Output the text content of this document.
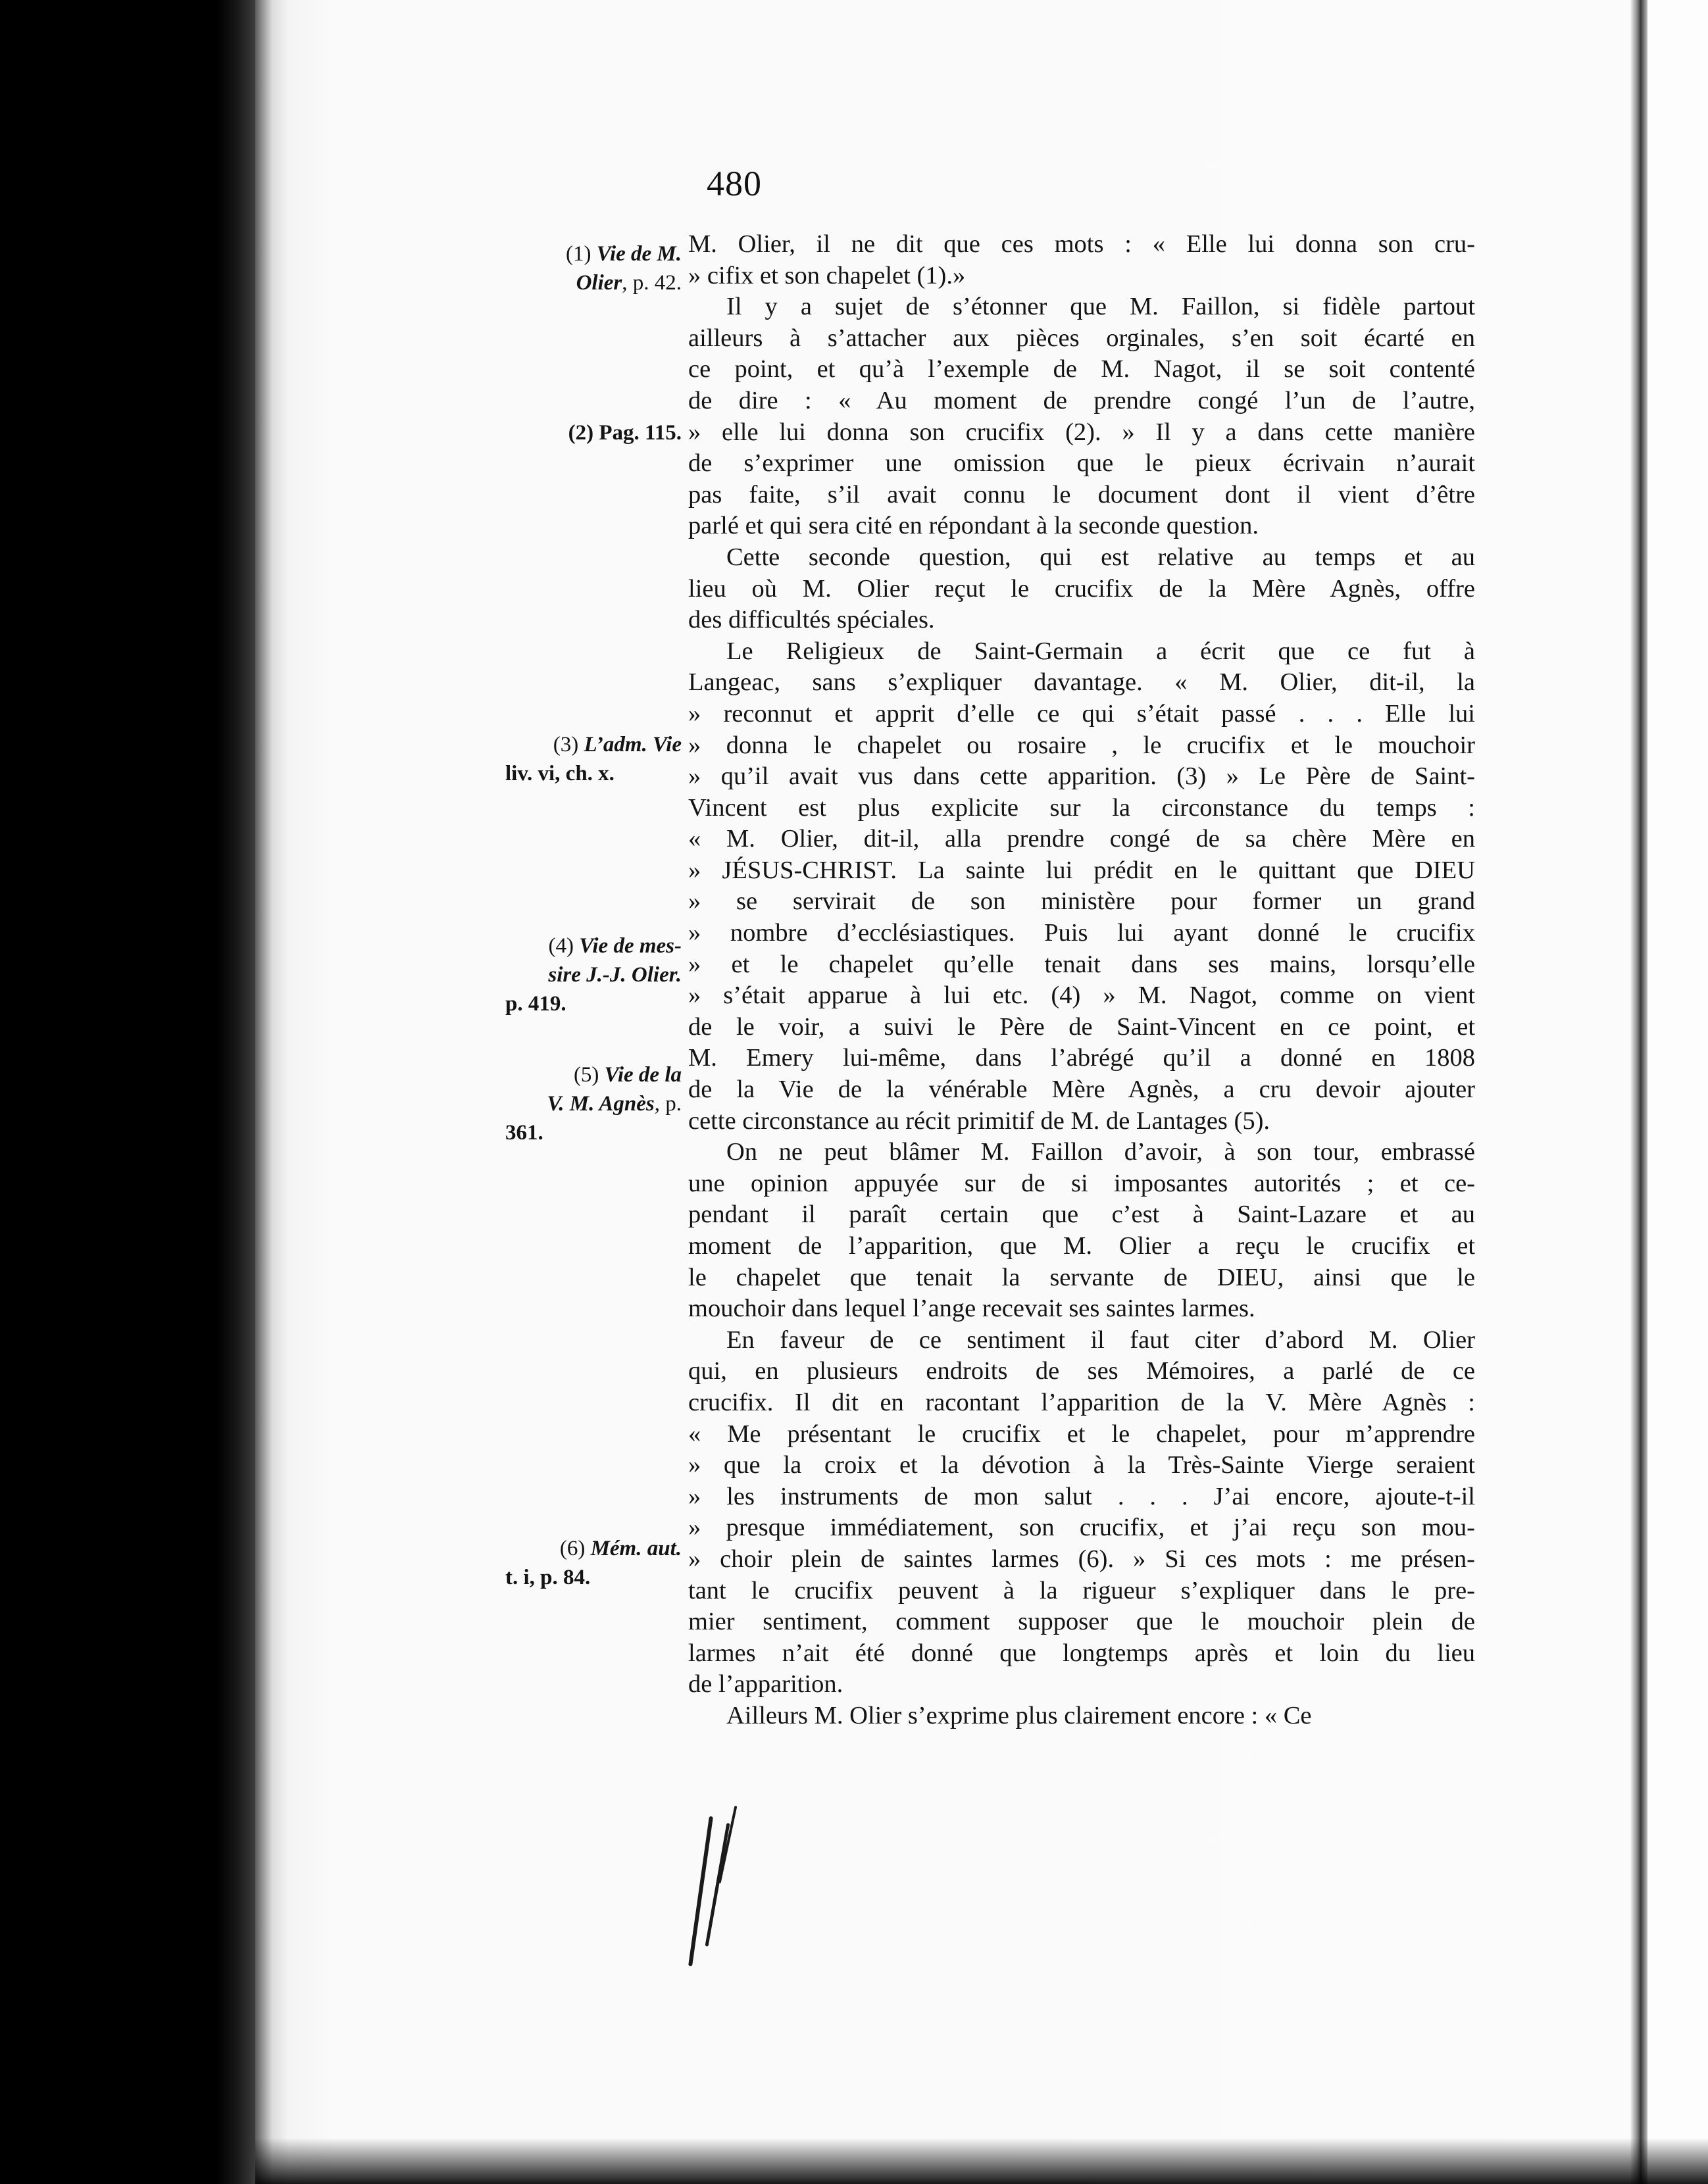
480
(1) Vie de M.
Olier, p. 42.
(2) Pag. 115.
(3) L’adm. Vie
liv. vi, ch. x.
(4) Vie de mes-
sire J.-J. Olier.
p. 419.
(5) Vie de la
V. M. Agnès, p.
361.
(6) Mém. aut.
t. i, p. 84.
M. Olier, il ne dit que ces mots : « Elle lui donna son cru-
» cifix et son chapelet (1).»
Il y a sujet de s’étonner que M. Faillon, si fidèle partout
ailleurs à s’attacher aux pièces orginales, s’en soit écarté en
ce point, et qu’à l’exemple de M. Nagot, il se soit contenté
de dire : « Au moment de prendre congé l’un de l’autre,
» elle lui donna son crucifix (2). » Il y a dans cette manière
de s’exprimer une omission que le pieux écrivain n’aurait
pas faite, s’il avait connu le document dont il vient d’être
parlé et qui sera cité en répondant à la seconde question.
Cette seconde question, qui est relative au temps et au
lieu où M. Olier reçut le crucifix de la Mère Agnès, offre
des difficultés spéciales.
Le Religieux de Saint-Germain a écrit que ce fut à
Langeac, sans s’expliquer davantage. « M. Olier, dit-il, la
» reconnut et apprit d’elle ce qui s’était passé . . . Elle lui
» donna le chapelet ou rosaire , le crucifix et le mouchoir
» qu’il avait vus dans cette apparition. (3) » Le Père de Saint-
Vincent est plus explicite sur la circonstance du temps :
« M. Olier, dit-il, alla prendre congé de sa chère Mère en
» JÉSUS-CHRIST. La sainte lui prédit en le quittant que DIEU
» se servirait de son ministère pour former un grand
» nombre d’ecclésiastiques. Puis lui ayant donné le crucifix
» et le chapelet qu’elle tenait dans ses mains, lorsqu’elle
» s’était apparue à lui etc. (4) » M. Nagot, comme on vient
de le voir, a suivi le Père de Saint-Vincent en ce point, et
M. Emery lui-même, dans l’abrégé qu’il a donné en 1808
de la Vie de la vénérable Mère Agnès, a cru devoir ajouter
cette circonstance au récit primitif de M. de Lantages (5).
On ne peut blâmer M. Faillon d’avoir, à son tour, embrassé
une opinion appuyée sur de si imposantes autorités ; et ce-
pendant il paraît certain que c’est à Saint-Lazare et au
moment de l’apparition, que M. Olier a reçu le crucifix et
le chapelet que tenait la servante de DIEU, ainsi que le
mouchoir dans lequel l’ange recevait ses saintes larmes.
En faveur de ce sentiment il faut citer d’abord M. Olier
qui, en plusieurs endroits de ses Mémoires, a parlé de ce
crucifix. Il dit en racontant l’apparition de la V. Mère Agnès :
« Me présentant le crucifix et le chapelet, pour m’apprendre
» que la croix et la dévotion à la Très-Sainte Vierge seraient
» les instruments de mon salut . . . J’ai encore, ajoute-t-il
» presque immédiatement, son crucifix, et j’ai reçu son mou-
» choir plein de saintes larmes (6). » Si ces mots : me présen-
tant le crucifix peuvent à la rigueur s’expliquer dans le pre-
mier sentiment, comment supposer que le mouchoir plein de
larmes n’ait été donné que longtemps après et loin du lieu
de l’apparition.
Ailleurs M. Olier s’exprime plus clairement encore : « Ce
